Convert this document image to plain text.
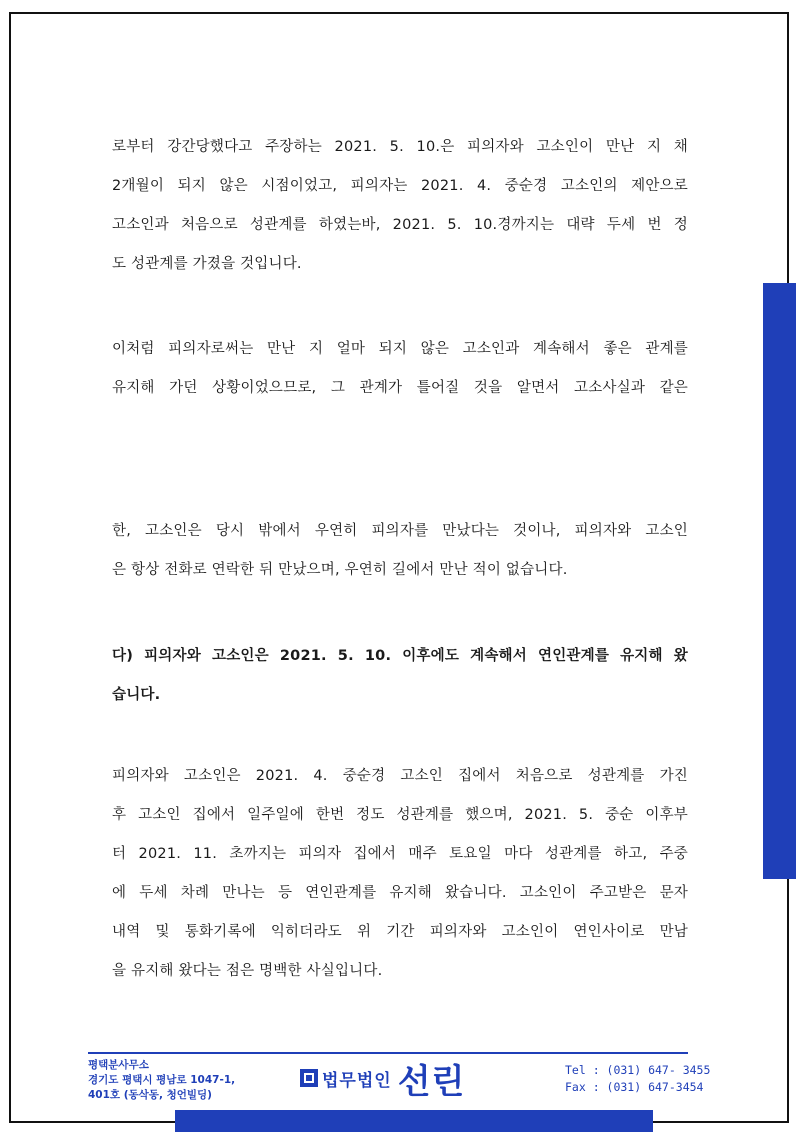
로부터 강간당했다고 주장하는 2021. 5. 10.은 피의자와 고소인이 만난 지 채
2개월이 되지 않은 시점이었고, 피의자는 2021. 4. 중순경 고소인의 제안으로
고소인과 처음으로 성관계를 하였는바, 2021. 5. 10.경까지는 대략 두세 번 정
도 성관계를 가졌을 것입니다.
이처럼 피의자로써는 만난 지 얼마 되지 않은 고소인과 계속해서 좋은 관계를
유지해 가던 상황이었으므로, 그 관계가 틀어질 것을 알면서 고소사실과 같은
한, 고소인은 당시 밖에서 우연히 피의자를 만났다는 것이나, 피의자와 고소인
은 항상 전화로 연락한 뒤 만났으며, 우연히 길에서 만난 적이 없습니다.
다) 피의자와 고소인은 2021. 5. 10. 이후에도 계속해서 연인관계를 유지해 왔
습니다.
피의자와 고소인은 2021. 4. 중순경 고소인 집에서 처음으로 성관계를 가진
후 고소인 집에서 일주일에 한번 정도 성관계를 했으며, 2021. 5. 중순 이후부
터 2021. 11. 초까지는 피의자 집에서 매주 토요일 마다 성관계를 하고, 주중
에 두세 차례 만나는 등 연인관계를 유지해 왔습니다. 고소인이 주고받은 문자
내역 및 통화기록에 익히더라도 위 기간 피의자와 고소인이 연인사이로 만남
을 유지해 왔다는 점은 명백한 사실입니다.
평택분사무소
경기도 평택시 평남로 1047-1,
401호 (동삭동, 청언빌딩)
법무법인 선린	Tel : (031) 647- 3455
Fax : (031) 647-3454
